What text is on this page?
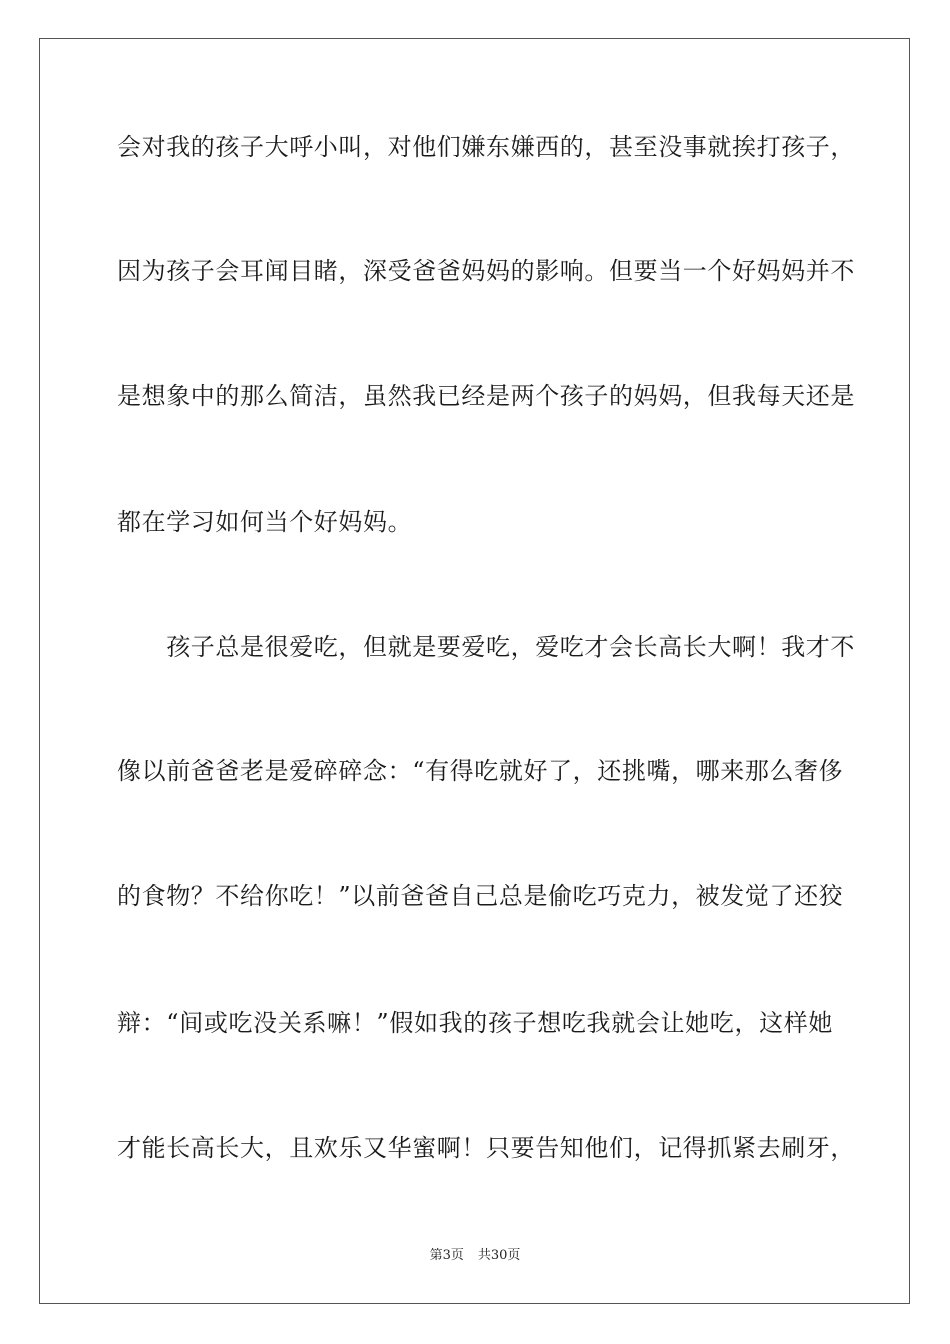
会对我的孩子大呼小叫，对他们嫌东嫌西的，甚至没事就挨打孩子，
因为孩子会耳闻目睹，深受爸爸妈妈的影响。但要当一个好妈妈并不
是想象中的那么简洁，虽然我已经是两个孩子的妈妈，但我每天还是
都在学习如何当个好妈妈。
　　孩子总是很爱吃，但就是要爱吃，爱吃才会长高长大啊！我才不
像以前爸爸老是爱碎碎念：“有得吃就好了，还挑嘴，哪来那么奢侈
的食物？不给你吃！”以前爸爸自己总是偷吃巧克力，被发觉了还狡
辩：“间或吃没关系嘛！”假如我的孩子想吃我就会让她吃，这样她
才能长高长大，且欢乐又华蜜啊！只要告知他们，记得抓紧去刷牙，
第3页 共30页
